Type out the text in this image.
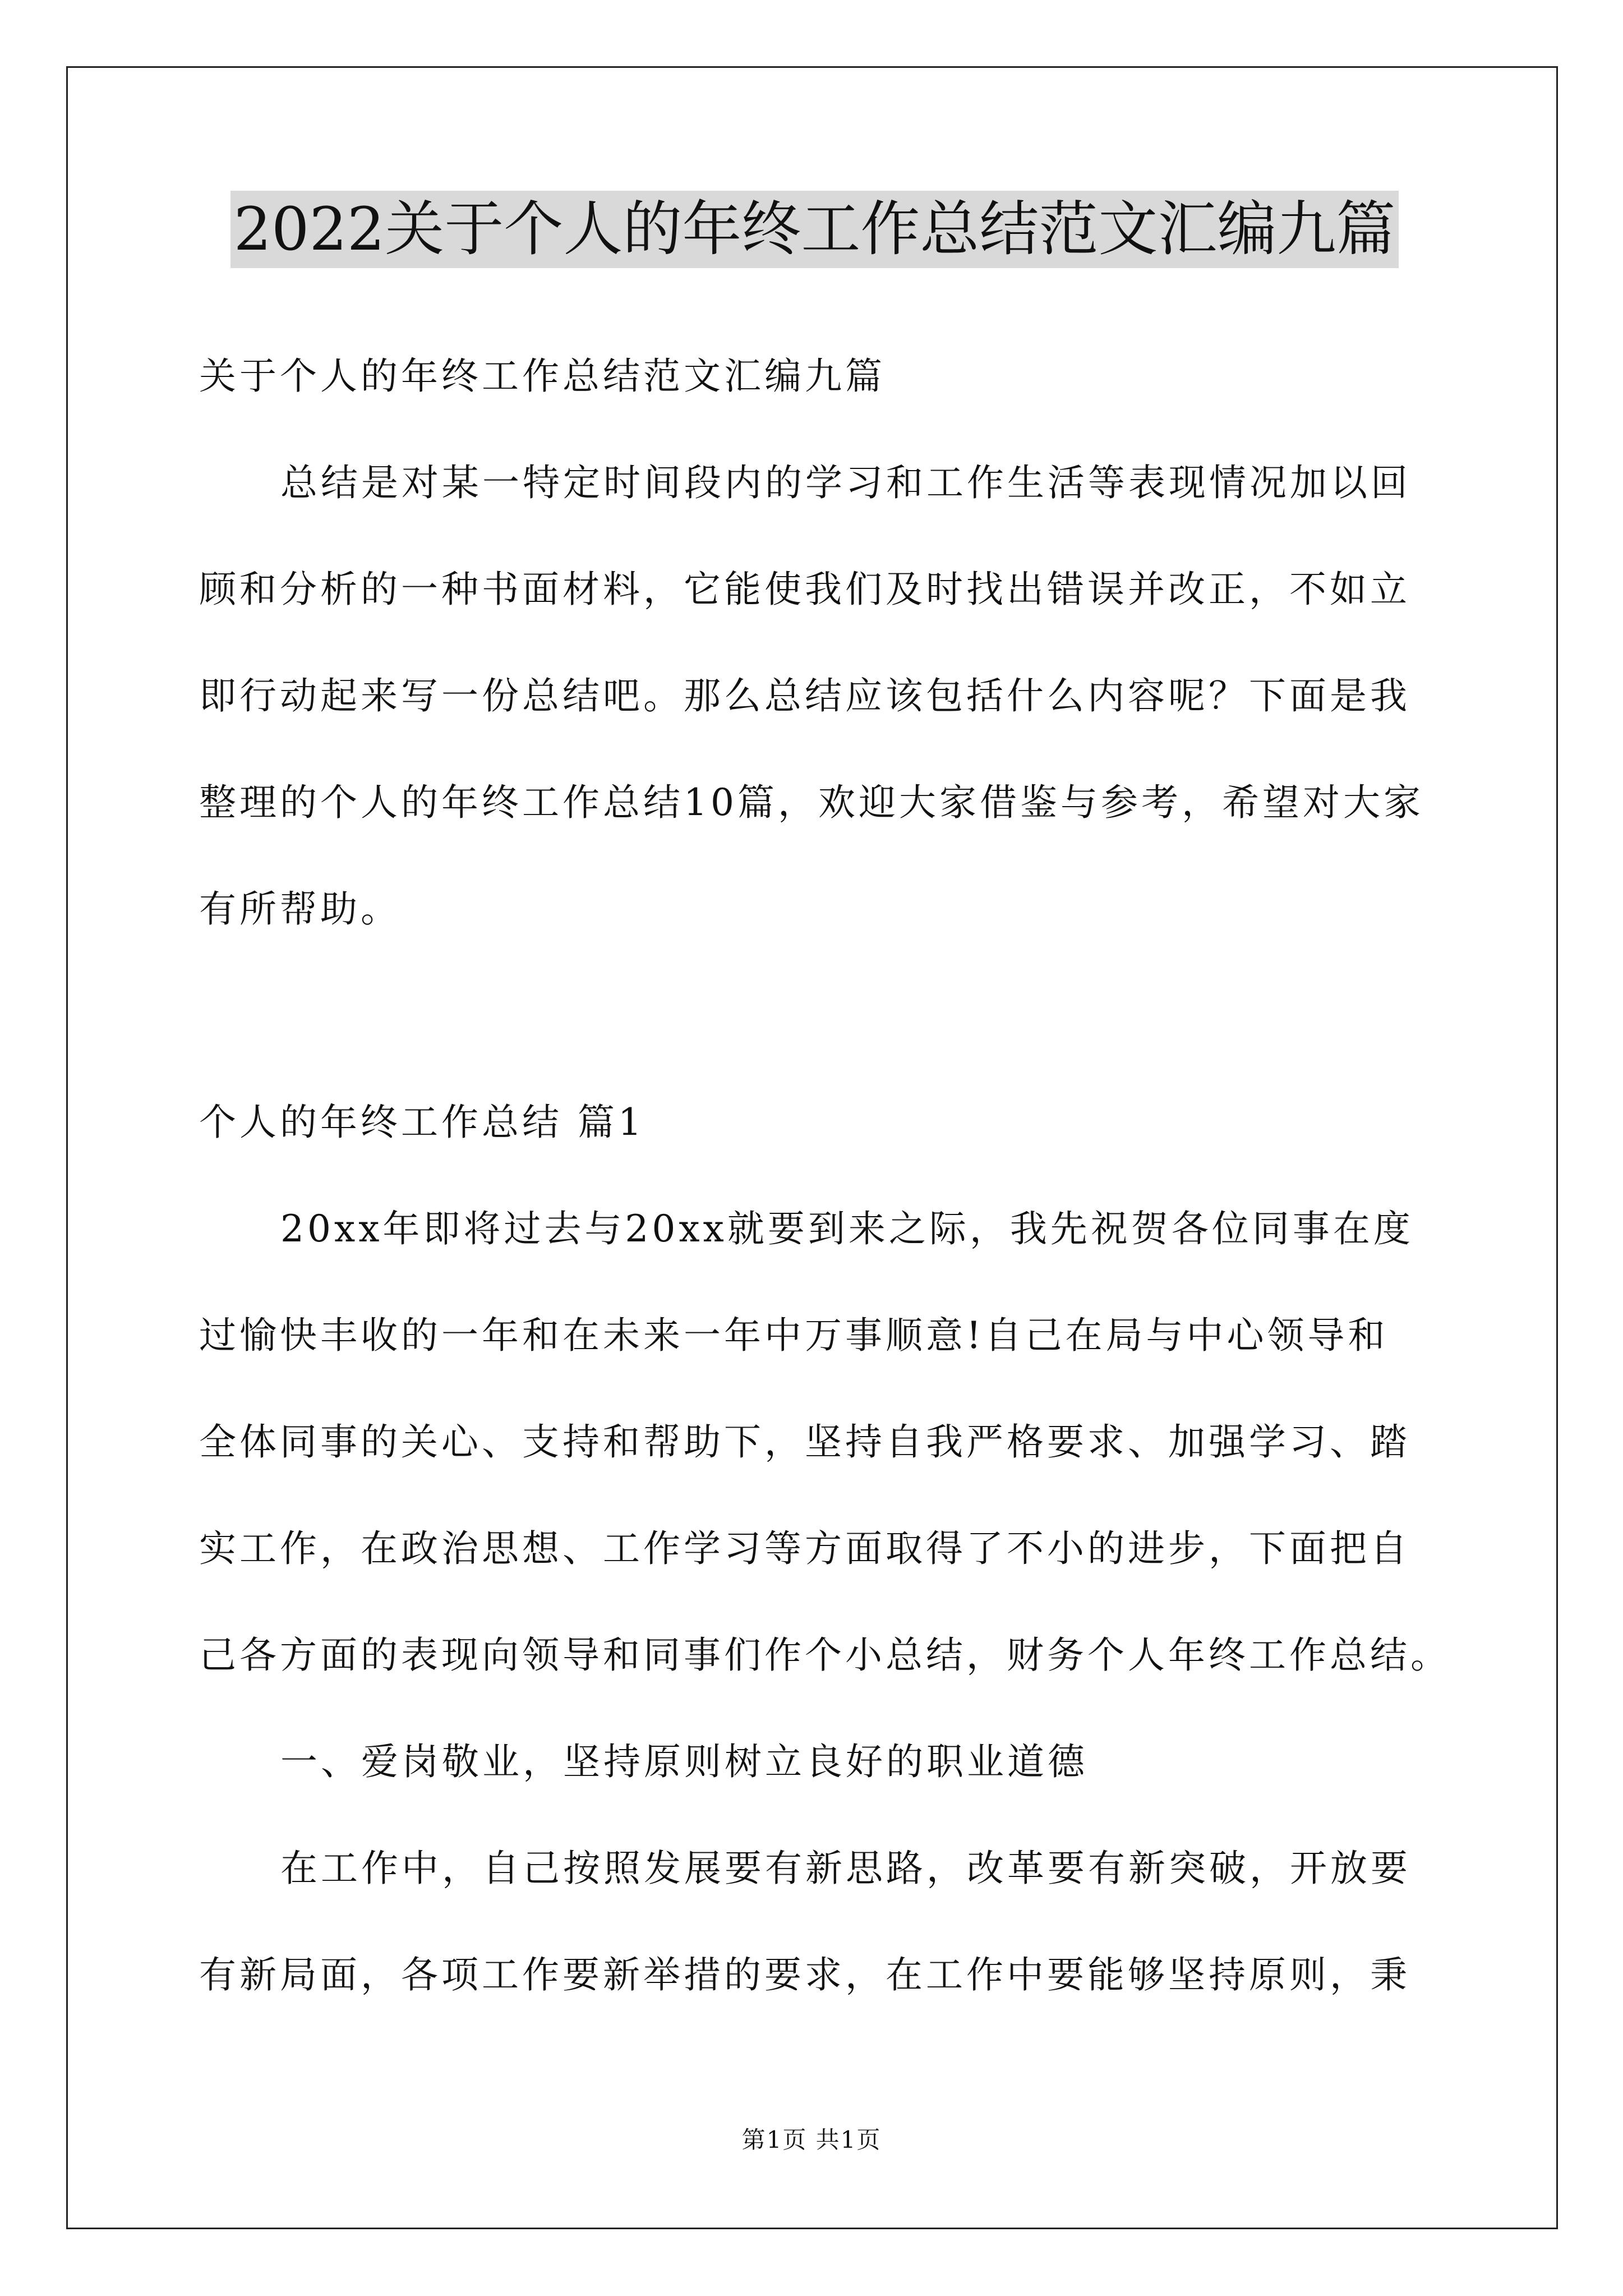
2022关于个人的年终工作总结范文汇编九篇

关于个人的年终工作总结范文汇编九篇

总结是对某一特定时间段内的学习和工作生活等表现情况加以回

顾和分析的一种书面材料，它能使我们及时找出错误并改正，不如立

即行动起来写一份总结吧。那么总结应该包括什么内容呢？下面是我

整理的个人的年终工作总结10篇，欢迎大家借鉴与参考，希望对大家

有所帮助。

个人的年终工作总结 篇1

20xx年即将过去与20xx就要到来之际，我先祝贺各位同事在度

过愉快丰收的一年和在未来一年中万事顺意!自己在局与中心领导和

全体同事的关心、支持和帮助下，坚持自我严格要求、加强学习、踏

实工作，在政治思想、工作学习等方面取得了不小的进步，下面把自

己各方面的表现向领导和同事们作个小总结，财务个人年终工作总结。

一、爱岗敬业，坚持原则树立良好的职业道德

在工作中，自己按照发展要有新思路，改革要有新突破，开放要

有新局面，各项工作要新举措的要求，在工作中要能够坚持原则，秉

第1页 共1页
